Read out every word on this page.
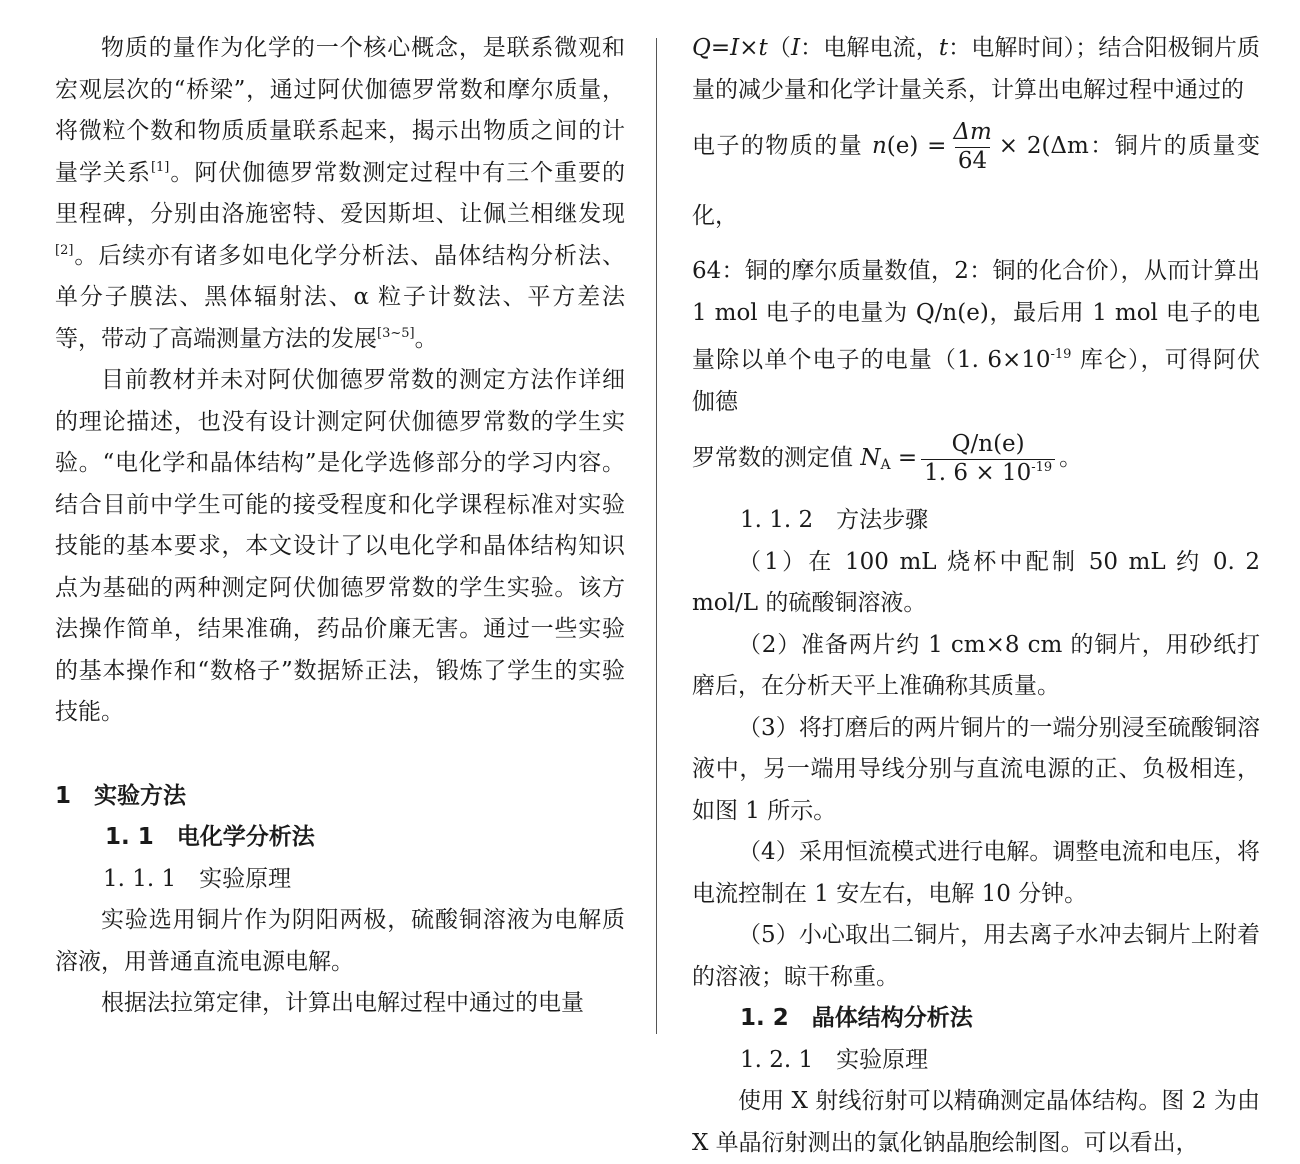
物质的量作为化学的一个核心概念，是联系微观和宏观层次的“桥梁”，通过阿伏伽德罗常数和摩尔质量，将微粒个数和物质质量联系起来，揭示出物质之间的计量学关系[1]。阿伏伽德罗常数测定过程中有三个重要的里程碑，分别由洛施密特、爱因斯坦、让佩兰相继发现[2]。后续亦有诸多如电化学分析法、晶体结构分析法、单分子膜法、黑体辐射法、α 粒子计数法、平方差法等，带动了高端测量方法的发展[3~5]。

目前教材并未对阿伏伽德罗常数的测定方法作详细的理论描述，也没有设计测定阿伏伽德罗常数的学生实验。“电化学和晶体结构”是化学选修部分的学习内容。结合目前中学生可能的接受程度和化学课程标准对实验技能的基本要求，本文设计了以电化学和晶体结构知识点为基础的两种测定阿伏伽德罗常数的学生实验。该方法操作简单，结果准确，药品价廉无害。通过一些实验的基本操作和“数格子”数据矫正法，锻炼了学生的实验技能。

1　实验方法

1. 1　电化学分析法

1. 1. 1　实验原理

实验选用铜片作为阴阳两极，硫酸铜溶液为电解质溶液，用普通直流电源电解。

根据法拉第定律，计算出电解过程中通过的电量

Q=I×t（I：电解电流，t：电解时间）；结合阳极铜片质量的减少量和化学计量关系，计算出电解过程中通过的

电子的物质的量 $n(e) = \frac{\Delta m}{64} \times 2(\Delta m$：铜片的质量变化，

64：铜的摩尔质量数值，2：铜的化合价），从而计算出 1 mol 电子的电量为 Q/n(e)，最后用 1 mol 电子的电量除以单个电子的电量（1. $6\times 10^{-19}$ 库仑），可得阿伏伽德

罗常数的测定值 $N_A = \frac{Q/n(e)}{1. 6 \times 10^{-19}}$ 。

1. 1. 2　方法步骤

（1）在 100 mL 烧杯中配制 50 mL 约 0. 2 mol/L 的硫酸铜溶液。

（2）准备两片约 1 cm×8 cm 的铜片，用砂纸打磨后，在分析天平上准确称其质量。

（3）将打磨后的两片铜片的一端分别浸至硫酸铜溶液中，另一端用导线分别与直流电源的正、负极相连，如图 1 所示。

（4）采用恒流模式进行电解。调整电流和电压，将电流控制在 1 安左右，电解 10 分钟。

（5）小心取出二铜片，用去离子水冲去铜片上附着的溶液；晾干称重。

1. 2　晶体结构分析法

1. 2. 1　实验原理

使用 X 射线衍射可以精确测定晶体结构。图 2 为由 X 单晶衍射测出的氯化钠晶胞绘制图。可以看出，
